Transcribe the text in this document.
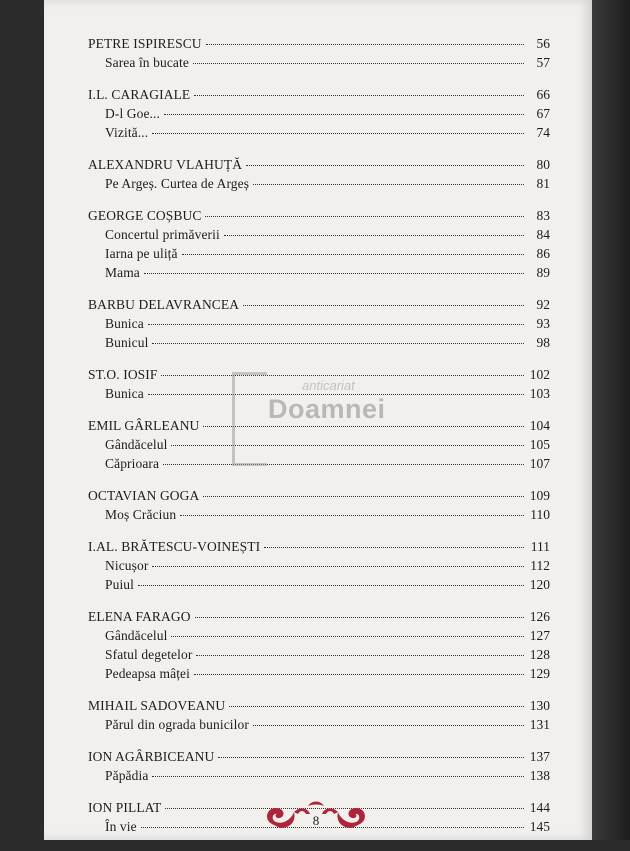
PETRE ISPIRESCU	56
Sarea în bucate	57
I.L. CARAGIALE	66
D-l Goe...	67
Vizită...	74
ALEXANDRU VLAHUȚĂ	80
Pe Argeș. Curtea de Argeș	81
GEORGE COȘBUC	83
Concertul primăverii	84
Iarna pe uliță	86
Mama	89
BARBU DELAVRANCEA	92
Bunica	93
Bunicul	98
ST.O. IOSIF	102
Bunica	103
EMIL GÂRLEANU	104
Gândăcelul	105
Căprioara	107
OCTAVIAN GOGA	109
Moș Crăciun	110
I.AL. BRĂTESCU-VOINEȘTI	111
Nicușor	112
Puiul	120
ELENA FARAGO	126
Gândăcelul	127
Sfatul degetelor	128
Pedeapsa mâței	129
MIHAIL SADOVEANU	130
Părul din ograda bunicilor	131
ION AGÂRBICEANU	137
Păpădia	138
ION PILLAT	144
În vie	145
anticariat
Doamnei
8
